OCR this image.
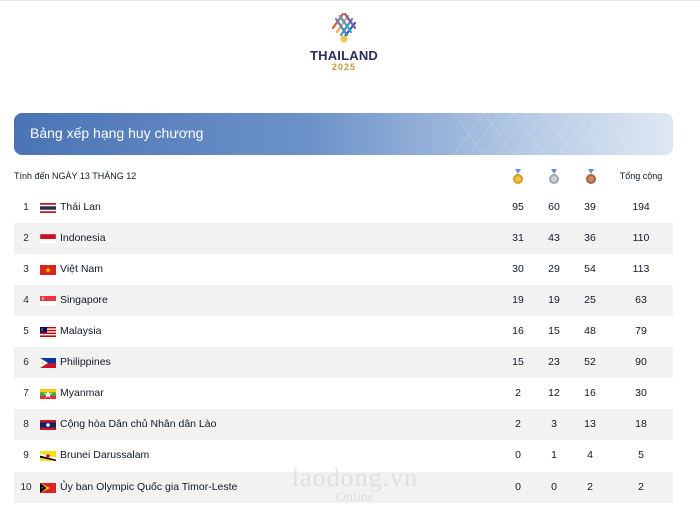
THAILAND
2025
Bảng xếp hạng huy chương
Tính đến NGÀY 13 THÁNG 12	Tổng cộng
1	Thái Lan	95	60	39	194
2	Indonesia	31	43	36	110
3	Việt Nam	30	29	54	113
4	Singapore	19	19	25	63
5	Malaysia	16	15	48	79
6	Philippines	15	23	52	90
7	Myanmar	2	12	16	30
8	Cộng hòa Dân chủ Nhân dân Lào	2	3	13	18
9	Brunei Darussalam	0	1	4	5
10	Ủy ban Olympic Quốc gia Timor-Leste	0	0	2	2
laodong.vn
Online
